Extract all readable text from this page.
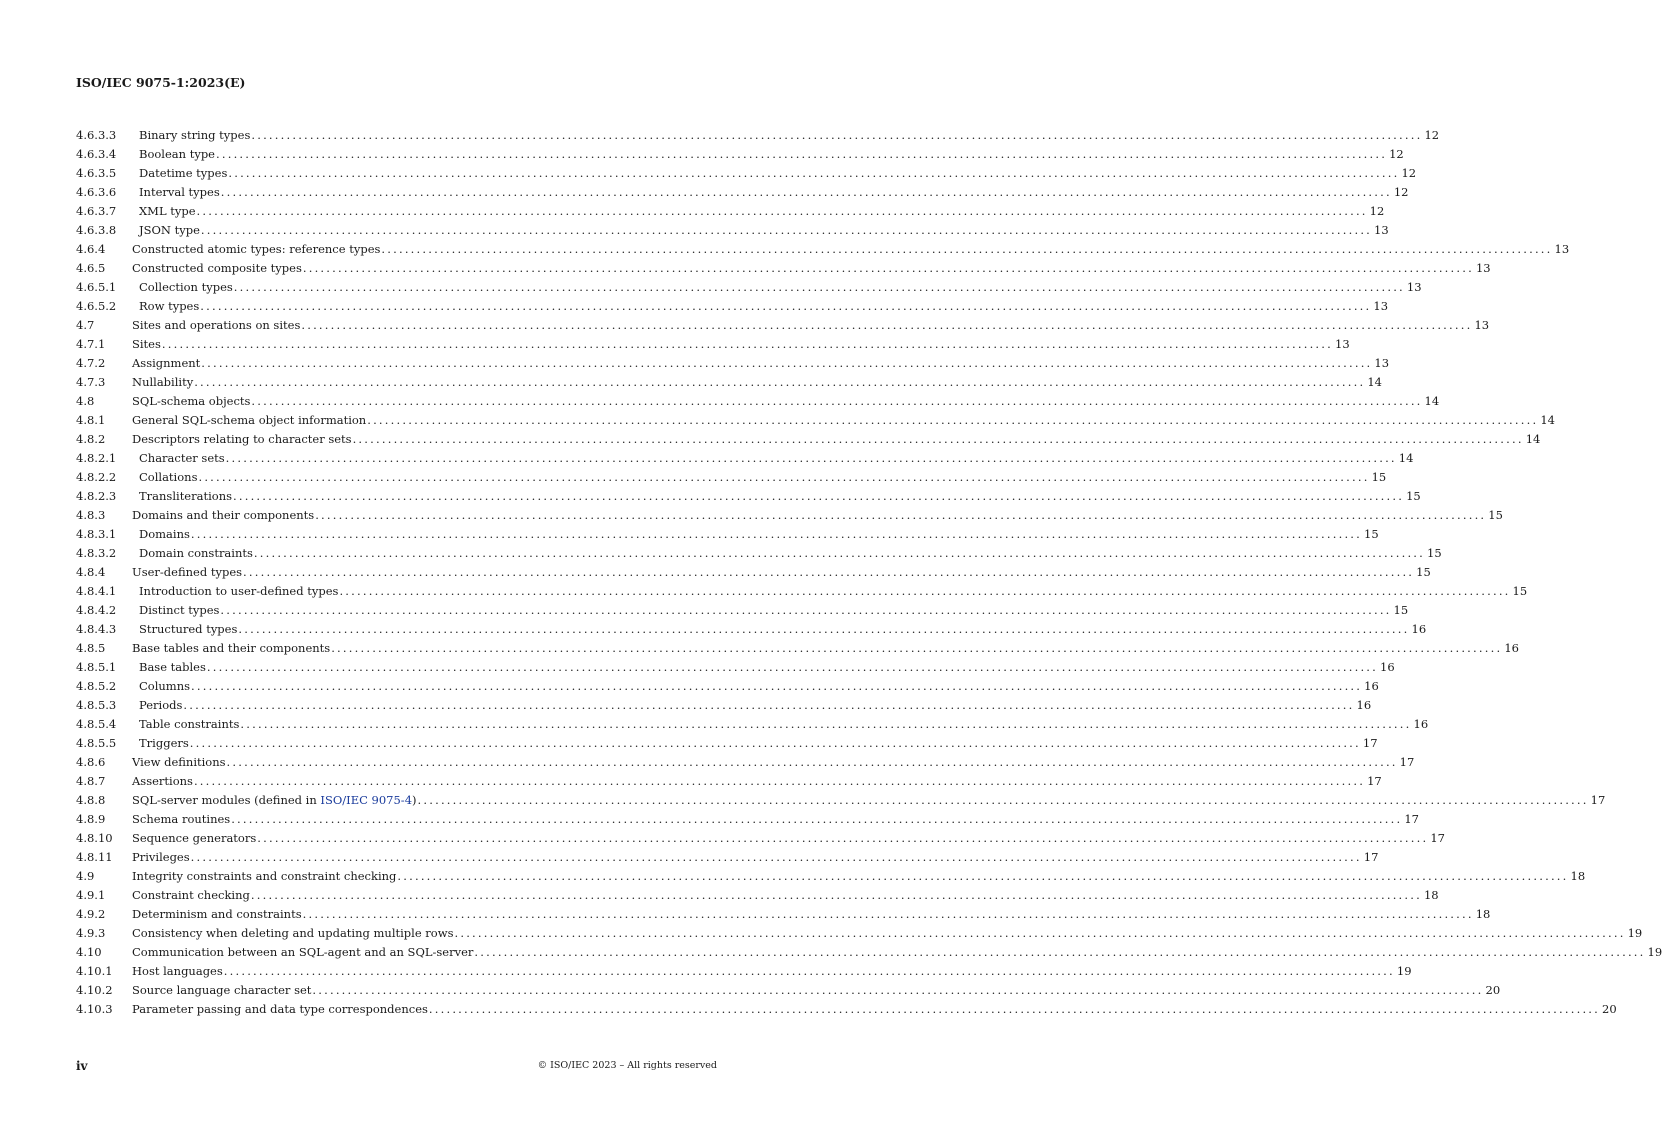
ISO/IEC 9075-1:2023(E)
4.6.3.3 Binary string types ........................................................................................................................................................................................................ 12
4.6.3.4 Boolean type ........................................................................................................................................................................................................ 12
4.6.3.5 Datetime types ........................................................................................................................................................................................................ 12
4.6.3.6 Interval types ........................................................................................................................................................................................................ 12
4.6.3.7 XML type ........................................................................................................................................................................................................ 12
4.6.3.8 JSON type ........................................................................................................................................................................................................ 13
4.6.4 Constructed atomic types: reference types ........................................................................................................................................................................................................ 13
4.6.5 Constructed composite types ........................................................................................................................................................................................................ 13
4.6.5.1 Collection types ........................................................................................................................................................................................................ 13
4.6.5.2 Row types ........................................................................................................................................................................................................ 13
4.7	Sites and operations on sites ........................................................................................................................................................................................................ 13
4.7.1 Sites ........................................................................................................................................................................................................ 13
4.7.2 Assignment ........................................................................................................................................................................................................ 13
4.7.3 Nullability ........................................................................................................................................................................................................ 14
4.8	SQL-schema objects ........................................................................................................................................................................................................ 14
4.8.1 General SQL-schema object information ........................................................................................................................................................................................................ 14
4.8.2 Descriptors relating to character sets ........................................................................................................................................................................................................ 14
4.8.2.1 Character sets ........................................................................................................................................................................................................ 14
4.8.2.2 Collations ........................................................................................................................................................................................................ 15
4.8.2.3 Transliterations ........................................................................................................................................................................................................ 15
4.8.3 Domains and their components ........................................................................................................................................................................................................ 15
4.8.3.1 Domains ........................................................................................................................................................................................................ 15
4.8.3.2 Domain constraints ........................................................................................................................................................................................................ 15
4.8.4 User-defined types ........................................................................................................................................................................................................ 15
4.8.4.1 Introduction to user-defined types ........................................................................................................................................................................................................ 15
4.8.4.2 Distinct types ........................................................................................................................................................................................................ 15
4.8.4.3 Structured types ........................................................................................................................................................................................................ 16
4.8.5 Base tables and their components ........................................................................................................................................................................................................ 16
4.8.5.1 Base tables ........................................................................................................................................................................................................ 16
4.8.5.2 Columns ........................................................................................................................................................................................................ 16
4.8.5.3 Periods ........................................................................................................................................................................................................ 16
4.8.5.4 Table constraints ........................................................................................................................................................................................................ 16
4.8.5.5 Triggers ........................................................................................................................................................................................................ 17
4.8.6 View definitions ........................................................................................................................................................................................................ 17
4.8.7 Assertions ........................................................................................................................................................................................................ 17
4.8.8 SQL-server modules (defined in ISO/IEC 9075-4) ........................................................................................................................................................................................................ 17
4.8.9 Schema routines ........................................................................................................................................................................................................ 17
4.8.10 Sequence generators ........................................................................................................................................................................................................ 17
4.8.11 Privileges ........................................................................................................................................................................................................ 17
4.9	Integrity constraints and constraint checking ........................................................................................................................................................................................................ 18
4.9.1 Constraint checking ........................................................................................................................................................................................................ 18
4.9.2 Determinism and constraints ........................................................................................................................................................................................................ 18
4.9.3 Consistency when deleting and updating multiple rows ........................................................................................................................................................................................................ 19
4.10	Communication between an SQL-agent and an SQL-server ........................................................................................................................................................................................................ 19
4.10.1 Host languages ........................................................................................................................................................................................................ 19
4.10.2 Source language character set ........................................................................................................................................................................................................ 20
4.10.3 Parameter passing and data type correspondences ........................................................................................................................................................................................................ 20
iv	© ISO/IEC 2023 – All rights reserved
